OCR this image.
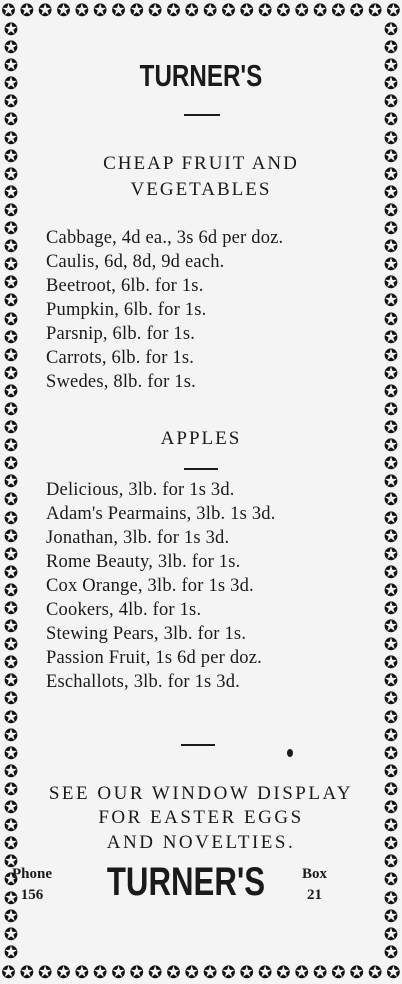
✪ ✪ ✪ ✪ ✪ ✪ ✪ ✪ ✪ ✪ ✪ ✪ ✪ ✪ ✪ ✪ ✪ ✪ ✪ ✪ ✪ ✪
✪ ✪ ✪ ✪ ✪ ✪ ✪ ✪ ✪ ✪ ✪ ✪ ✪ ✪ ✪ ✪ ✪ ✪ ✪ ✪ ✪ ✪
✪
✪
✪
✪
✪
✪
✪
✪
✪
✪
✪
✪
✪
✪
✪
✪
✪
✪
✪
✪
✪
✪
✪
✪
✪
✪
✪
✪
✪
✪
✪
✪
✪
✪
✪
✪
✪
✪
✪
✪
✪
✪
✪
✪
✪
✪
✪
✪
✪
✪
✪
✪
✪
✪
✪
✪
✪
✪
✪
✪
✪
✪
✪
✪
✪
✪
✪
✪
✪
✪
✪
✪
✪
✪
✪
✪
✪
✪
✪
✪
✪
✪
✪
✪
✪
✪
✪
✪
✪
✪
✪
✪
✪
✪
✪
✪
✪
✪
✪
✪
✪
✪
✪
✪
TURNER'S
CHEAP FRUIT AND
VEGETABLES
Cabbage, 4d ea., 3s 6d per doz.
Caulis, 6d, 8d, 9d each.
Beetroot, 6lb. for 1s.
Pumpkin, 6lb. for 1s.
Parsnip, 6lb. for 1s.
Carrots, 6lb. for 1s.
Swedes, 8lb. for 1s.
APPLES
Delicious, 3lb. for 1s 3d.
Adam's Pearmains, 3lb. 1s 3d.
Jonathan, 3lb. for 1s 3d.
Rome Beauty, 3lb. for 1s.
Cox Orange, 3lb. for 1s 3d.
Cookers, 4lb. for 1s.
Stewing Pears, 3lb. for 1s.
Passion Fruit, 1s 6d per doz.
Eschallots, 3lb. for 1s 3d.
SEE OUR WINDOW DISPLAY
FOR EASTER EGGS
AND NOVELTIES.
Phone
156 TURNER'S	Box
21
